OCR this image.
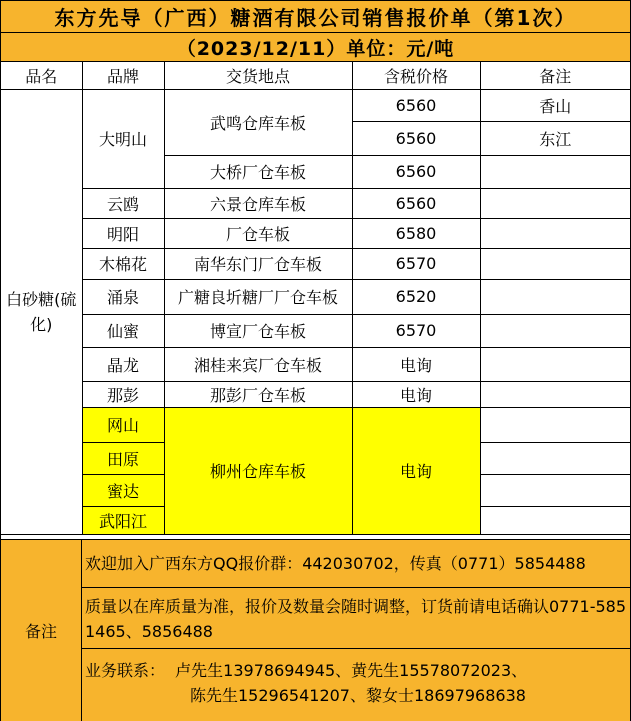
东方先导（广西）糖酒有限公司销售报价单（第1次）
（2023/12/11）单位：元/吨
品名	品牌	交货地点	含税价格	备注
白砂糖(硫化)	大明山	武鸣仓库车板	6560	香山
			6560	东江
		大桥厂仓车板	6560	
	云鸥	六景仓库车板	6560	
	明阳	厂仓车板	6580	
	木棉花	南华东门厂仓车板	6570	
	涌泉	广糖良圻糖厂厂仓车板	6520	
	仙蜜	博宣厂仓车板	6570	
	晶龙	湘桂来宾厂仓车板	电询	
	那彭	那彭厂仓车板	电询	
	网山	柳州仓库车板	电询	
	田原			
	蜜达			
	武阳江			
备注
欢迎加入广西东方QQ报价群：442030702，传真（0771）5854488
质量以在库质量为准，报价及数量会随时调整，订货前请电话确认0771-5851465、5856488
业务联系：  卢先生13978694945、黄先生15578072023、

陈先生15296541207、黎女士18697968638
